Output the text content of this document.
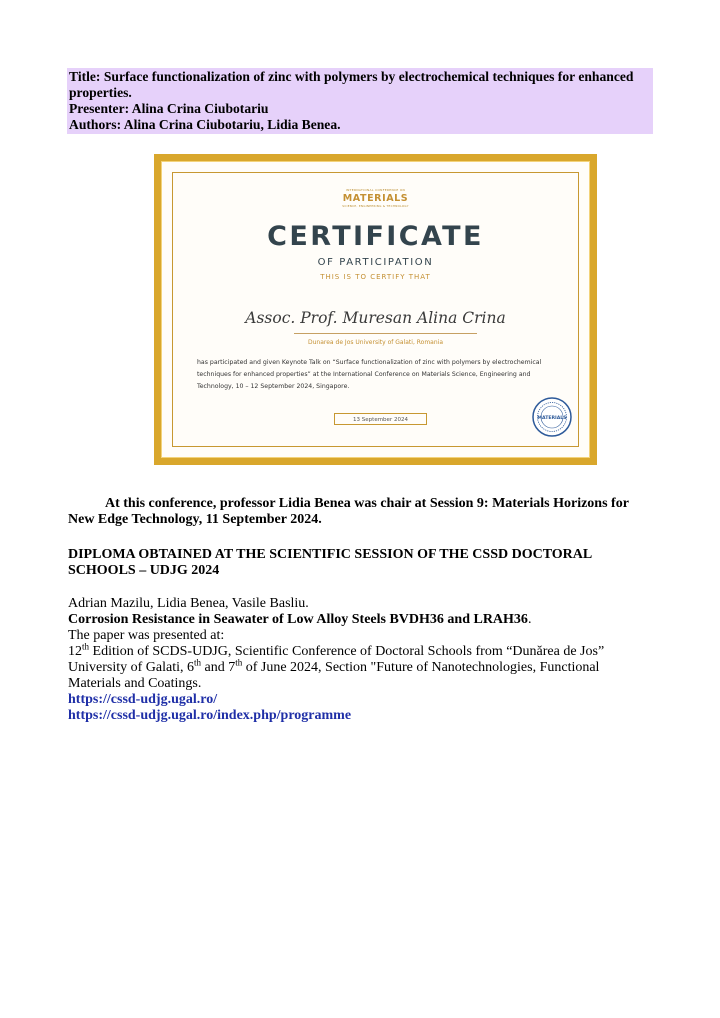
Title: Surface functionalization of zinc with polymers by electrochemical techniques for enhanced properties.
Presenter: Alina Crina Ciubotariu
Authors: Alina Crina Ciubotariu, Lidia Benea.
INTERNATIONAL CONFERENCE ON
MATERIALS
SCIENCE, ENGINEERING & TECHNOLOGY
CERTIFICATE
OF PARTICIPATION
THIS IS TO CERTIFY THAT
Assoc. Prof. Muresan Alina Crina
Dunarea de Jos University of Galati, Romania
has participated and given Keynote Talk on “Surface functionalization of zinc with polymers by electrochemical techniques for enhanced properties” at the International Conference on Materials Science, Engineering and Technology, 10 – 12 September 2024, Singapore.
13 September 2024	MATERIALS
At this conference, professor Lidia Benea was chair at Session 9: Materials Horizons for New Edge Technology, 11 September 2024.
DIPLOMA OBTAINED AT THE SCIENTIFIC SESSION OF THE CSSD DOCTORAL SCHOOLS – UDJG 2024
Adrian Mazilu, Lidia Benea, Vasile Basliu.
Corrosion Resistance in Seawater of Low Alloy Steels BVDH36 and LRAH36.
The paper was presented at:
12th Edition of SCDS-UDJG, Scientific Conference of Doctoral Schools from “Dunărea de Jos”
University of Galati, 6th and 7th of June 2024, Section "Future of Nanotechnologies, Functional
Materials and Coatings.
https://cssd-udjg.ugal.ro/
https://cssd-udjg.ugal.ro/index.php/programme
